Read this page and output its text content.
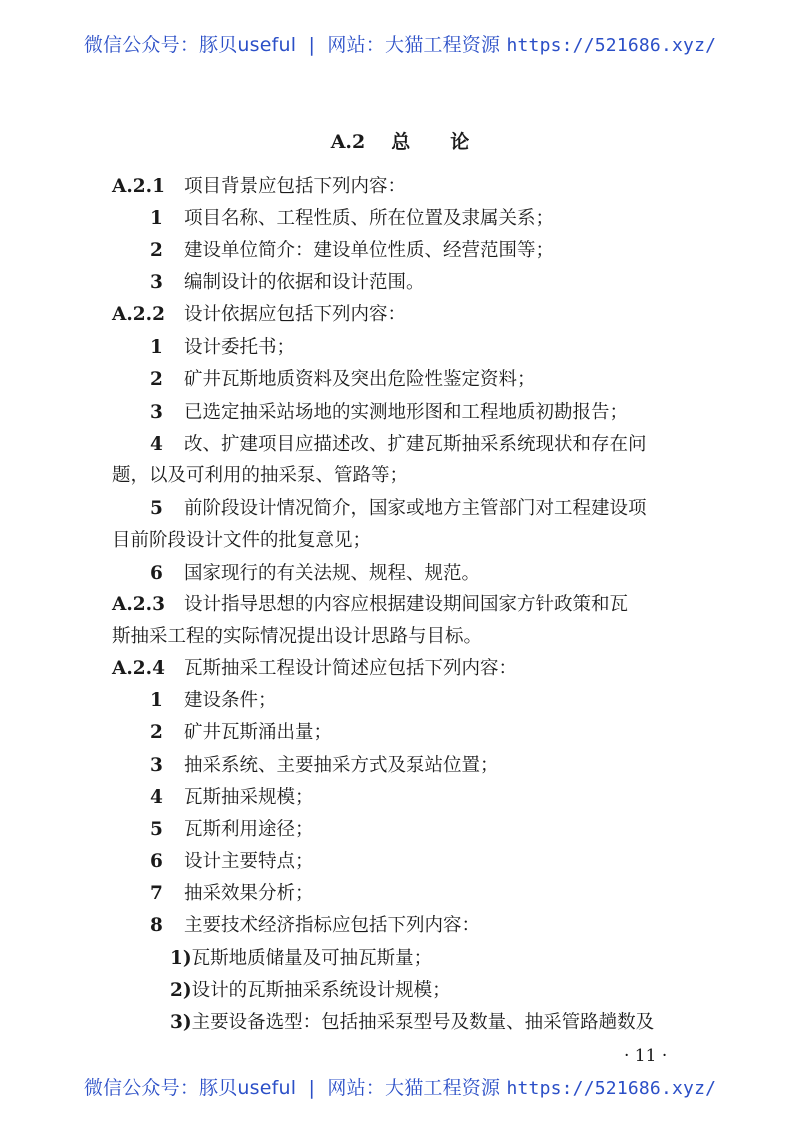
微信公众号：豚贝useful | 网站：大猫工程资源 https://521686.xyz/
A.2 总 论
A.2.1 项目背景应包括下列内容：
1 项目名称、工程性质、所在位置及隶属关系；
2 建设单位简介：建设单位性质、经营范围等；
3 编制设计的依据和设计范围。
A.2.2 设计依据应包括下列内容：
1 设计委托书；
2 矿井瓦斯地质资料及突出危险性鉴定资料；
3 已选定抽采站场地的实测地形图和工程地质初勘报告；
4 改、扩建项目应描述改、扩建瓦斯抽采系统现状和存在问
题，以及可利用的抽采泵、管路等；
5 前阶段设计情况简介，国家或地方主管部门对工程建设项
目前阶段设计文件的批复意见；
6 国家现行的有关法规、规程、规范。
A.2.3 设计指导思想的内容应根据建设期间国家方针政策和瓦
斯抽采工程的实际情况提出设计思路与目标。
A.2.4 瓦斯抽采工程设计简述应包括下列内容：
1 建设条件；
2 矿井瓦斯涌出量；
3 抽采系统、主要抽采方式及泵站位置；
4 瓦斯抽采规模；
5 瓦斯利用途径；
6 设计主要特点；
7 抽采效果分析；
8 主要技术经济指标应包括下列内容：
1)瓦斯地质储量及可抽瓦斯量；
2)设计的瓦斯抽采系统设计规模；
3)主要设备选型：包括抽采泵型号及数量、抽采管路趟数及
· 11 ·
微信公众号：豚贝useful | 网站：大猫工程资源 https://521686.xyz/
